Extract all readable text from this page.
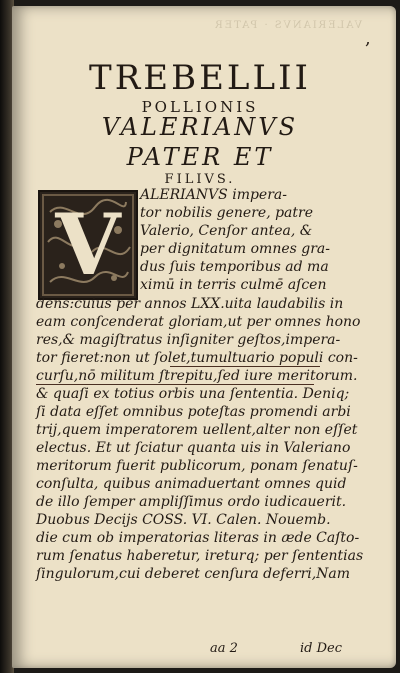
VALERIANVS · PATER
,
TREBELLII
POLLIONIS
VALERIANVS
PATER ET
FILIVS.
V ALERIANVS impera-

tor nobilis genere, patre

Valerio, Cenſor antea, &

per dignitatum omnes gra-

dus ſuis temporibus ad ma

ximū in terris culmē aſcen

dens:cuius per annos LXX.uita laudabilis in

eam conſcenderat gloriam,ut per omnes hono

res,& magiſtratus inſigniter geſtos,impera-

tor fieret:non ut ſolet,tumultuario populi con-

curſu,nō militum ſtrepitu,ſed iure meritorum.

& quaſi ex totius orbis una ſententia. Deniq;

ſi data eſſet omnibus poteſtas promendi arbi

trij,quem imperatorem uellent,alter non eſſet

electus. Et ut ſciatur quanta uis in Valeriano

meritorum fuerit publicorum, ponam ſenatuſ-

conſulta, quibus animaduertant omnes quid

de illo ſemper ampliſſimus ordo iudicauerit.

Duobus Decijs COSS. VI. Calen. Nouemb.

die cum ob imperatorias literas in æde Caſto-

rum ſenatus haberetur, ireturq; per ſententias

ſingulorum,cui deberet cenſura deferri,Nam

aa 2	id Dec
